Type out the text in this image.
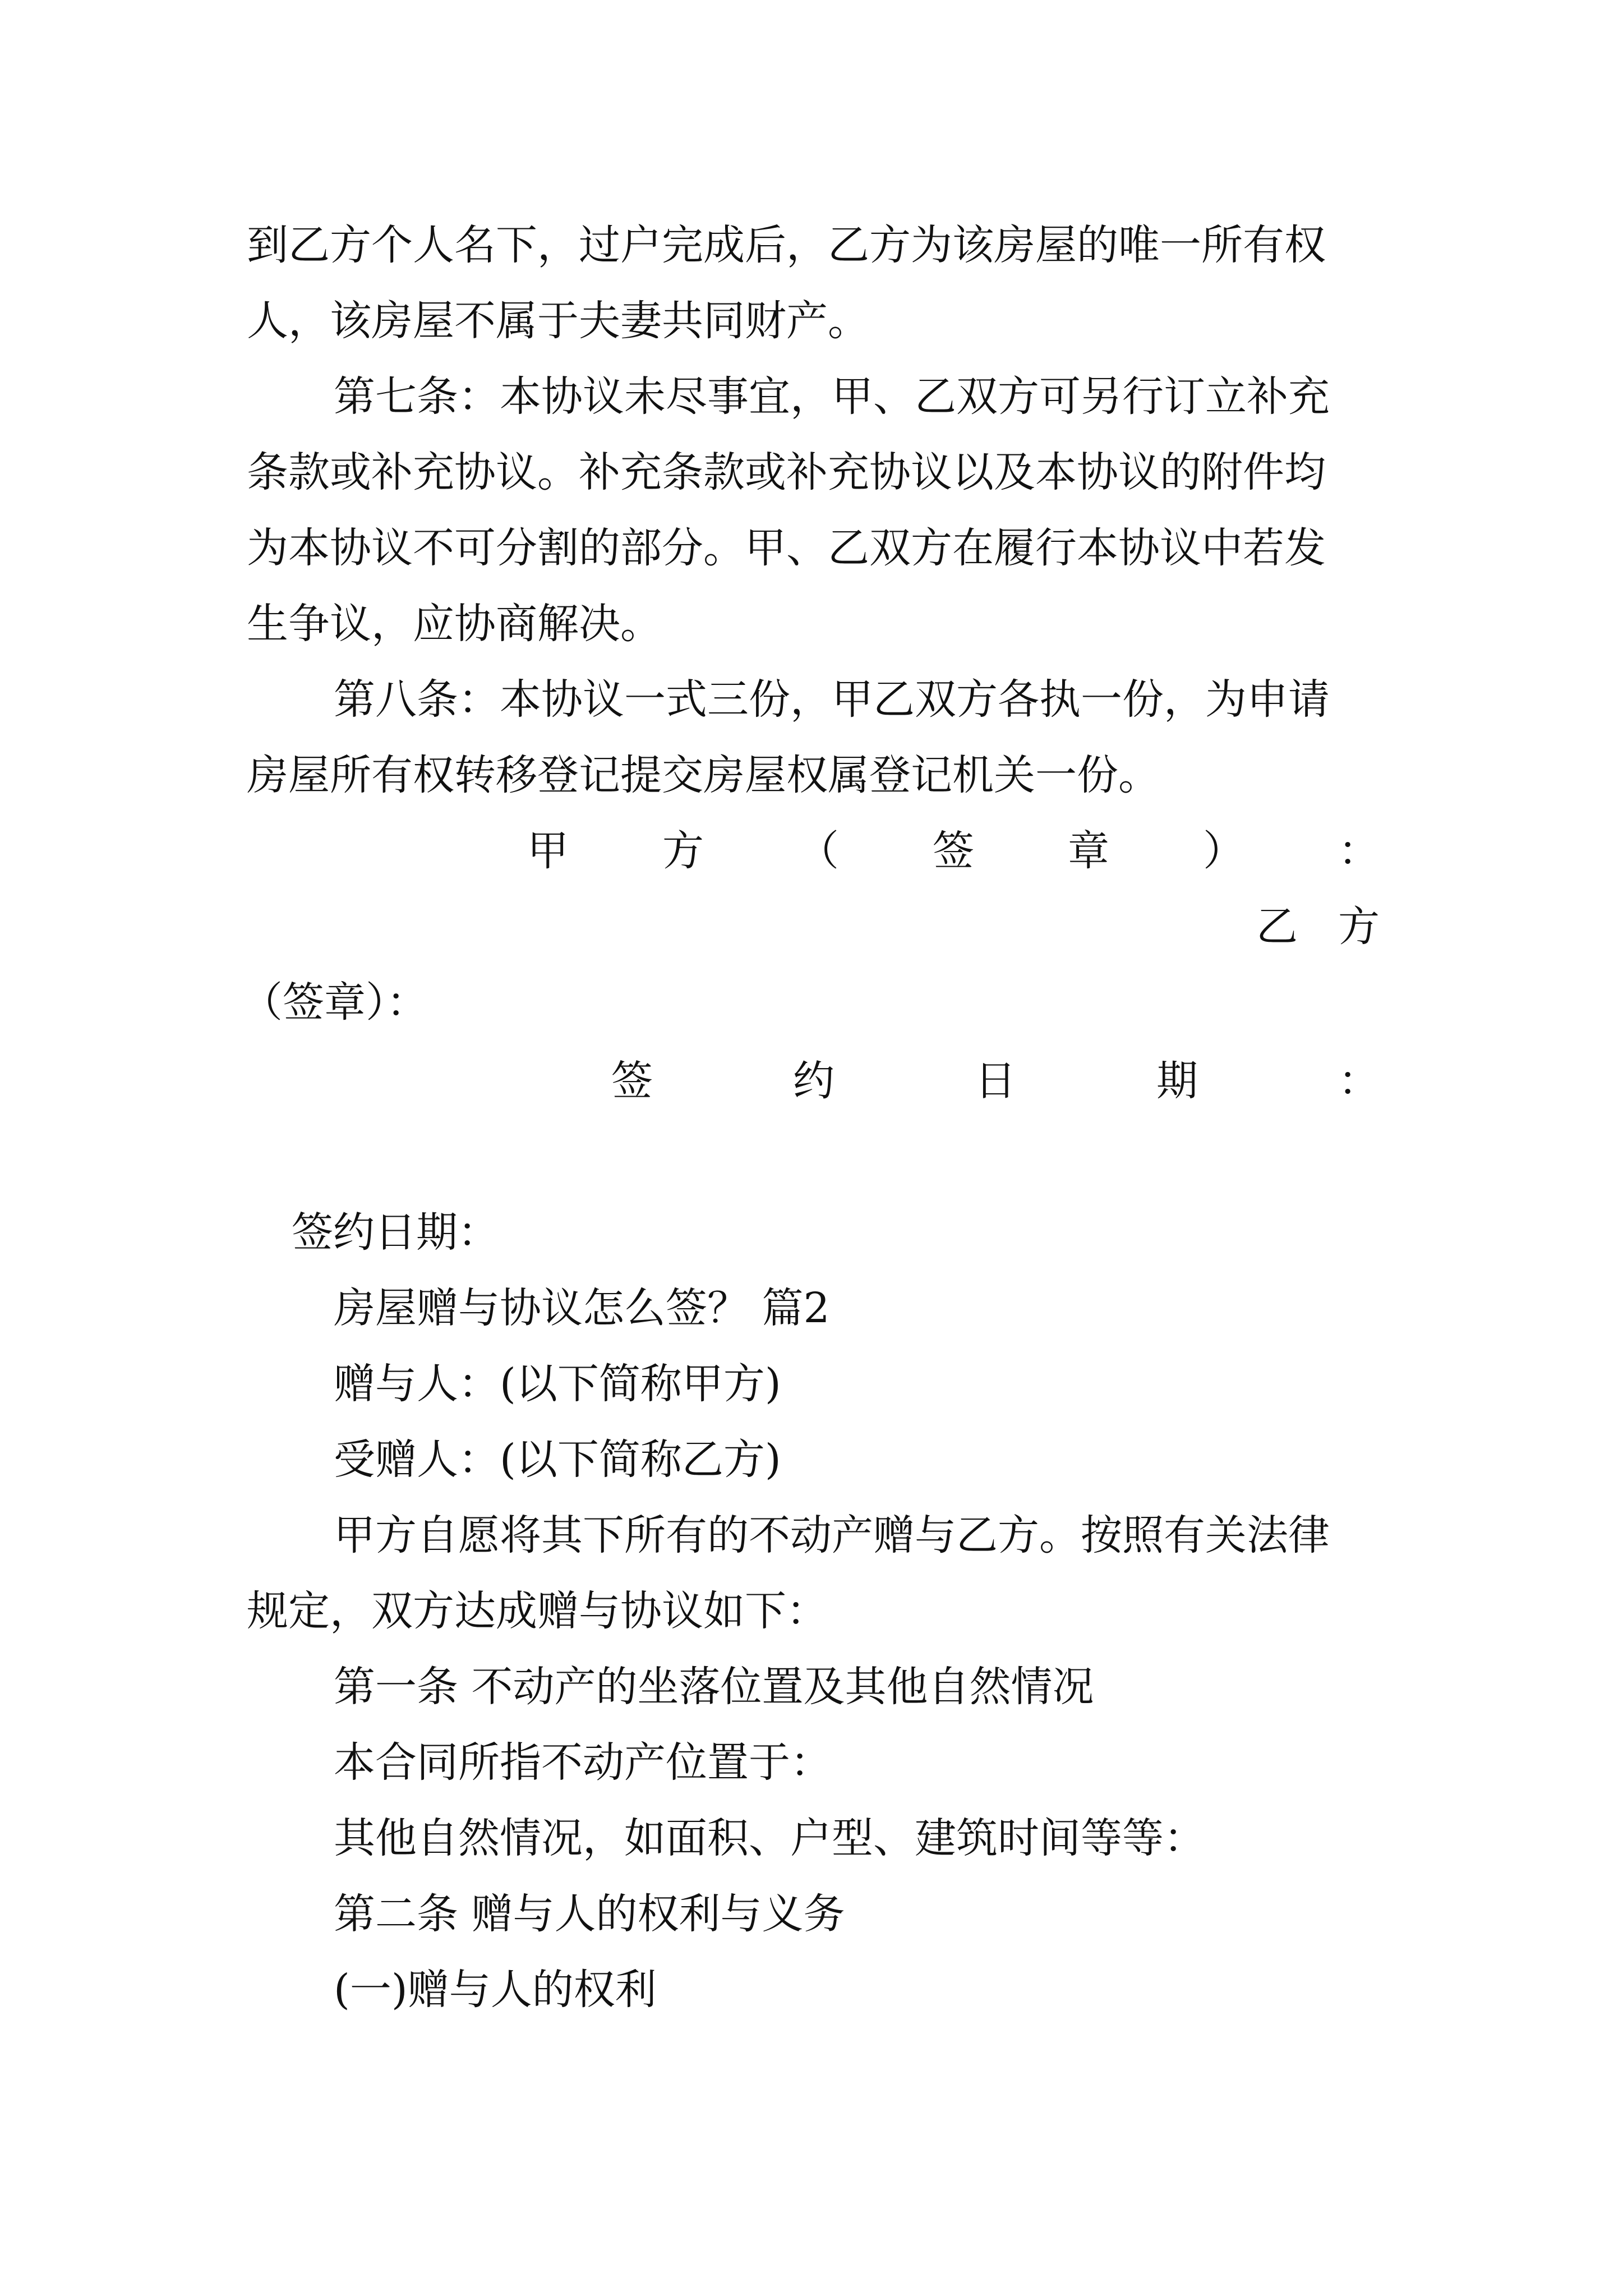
到乙方个人名下，过户完成后，乙方为该房屋的唯一所有权

人，该房屋不属于夫妻共同财产。

第七条：本协议未尽事宜，甲、乙双方可另行订立补充

条款或补充协议。补充条款或补充协议以及本协议的附件均

为本协议不可分割的部分。甲、乙双方在履行本协议中若发

生争议，应协商解决。

第八条：本协议一式三份，甲乙双方各执一份，为申请

房屋所有权转移登记提交房屋权属登记机关一份。

甲 方 （ 签 章 ） ：
乙 方

（签章）：

签	约	日	期	：

签约日期：

房屋赠与协议怎么签？ 篇2

赠与人：(以下简称甲方)

受赠人：(以下简称乙方)

甲方自愿将其下所有的不动产赠与乙方。按照有关法律

规定，双方达成赠与协议如下：

第一条 不动产的坐落位置及其他自然情况

本合同所指不动产位置于：

其他自然情况，如面积、户型、建筑时间等等：

第二条 赠与人的权利与义务

(一)赠与人的权利
